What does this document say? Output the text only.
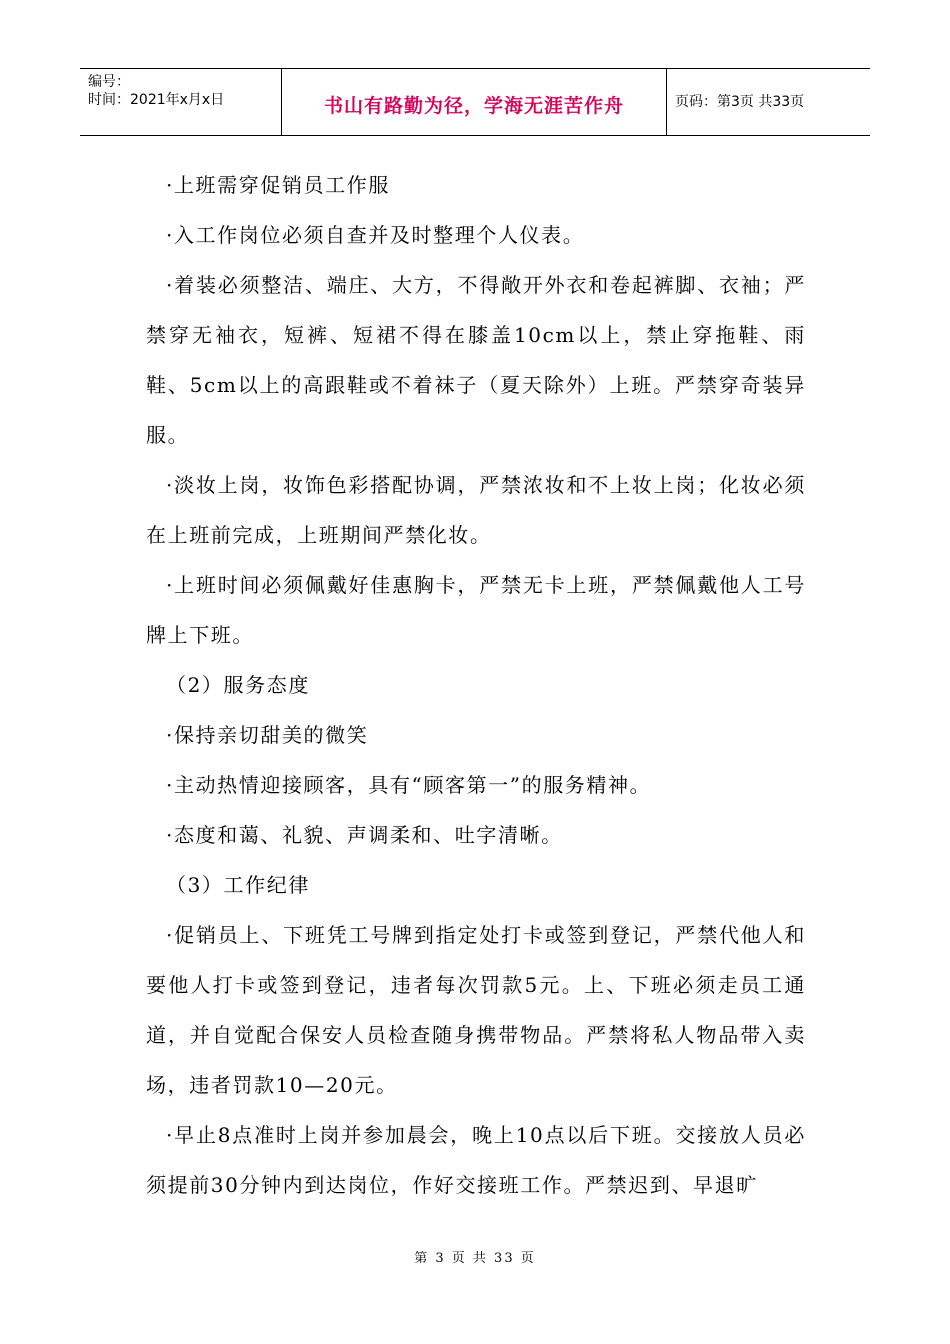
编号：
时间：2021年x月x日	书山有路勤为径，学海无涯苦作舟	页码：第3页 共33页

·上班需穿促销员工作服

·入工作岗位必须自查并及时整理个人仪表。

·着装必须整洁、端庄、大方，不得敞开外衣和卷起裤脚、衣袖；严禁穿无袖衣，短裤、短裙不得在膝盖10cm以上，禁止穿拖鞋、雨鞋、5cm以上的高跟鞋或不着袜子（夏天除外）上班。严禁穿奇装异服。

·淡妆上岗，妆饰色彩搭配协调，严禁浓妆和不上妆上岗；化妆必须在上班前完成，上班期间严禁化妆。

·上班时间必须佩戴好佳惠胸卡，严禁无卡上班，严禁佩戴他人工号牌上下班。

（2）服务态度

·保持亲切甜美的微笑

·主动热情迎接顾客，具有“顾客第一”的服务精神。

·态度和蔼、礼貌、声调柔和、吐字清晰。

（3）工作纪律

·促销员上、下班凭工号牌到指定处打卡或签到登记，严禁代他人和要他人打卡或签到登记，违者每次罚款5元。上、下班必须走员工通道，并自觉配合保安人员检查随身携带物品。严禁将私人物品带入卖场，违者罚款10—20元。

·早止8点准时上岗并参加晨会，晚上10点以后下班。交接放人员必须提前30分钟内到达岗位，作好交接班工作。严禁迟到、早退旷

第 3 页 共 33 页
